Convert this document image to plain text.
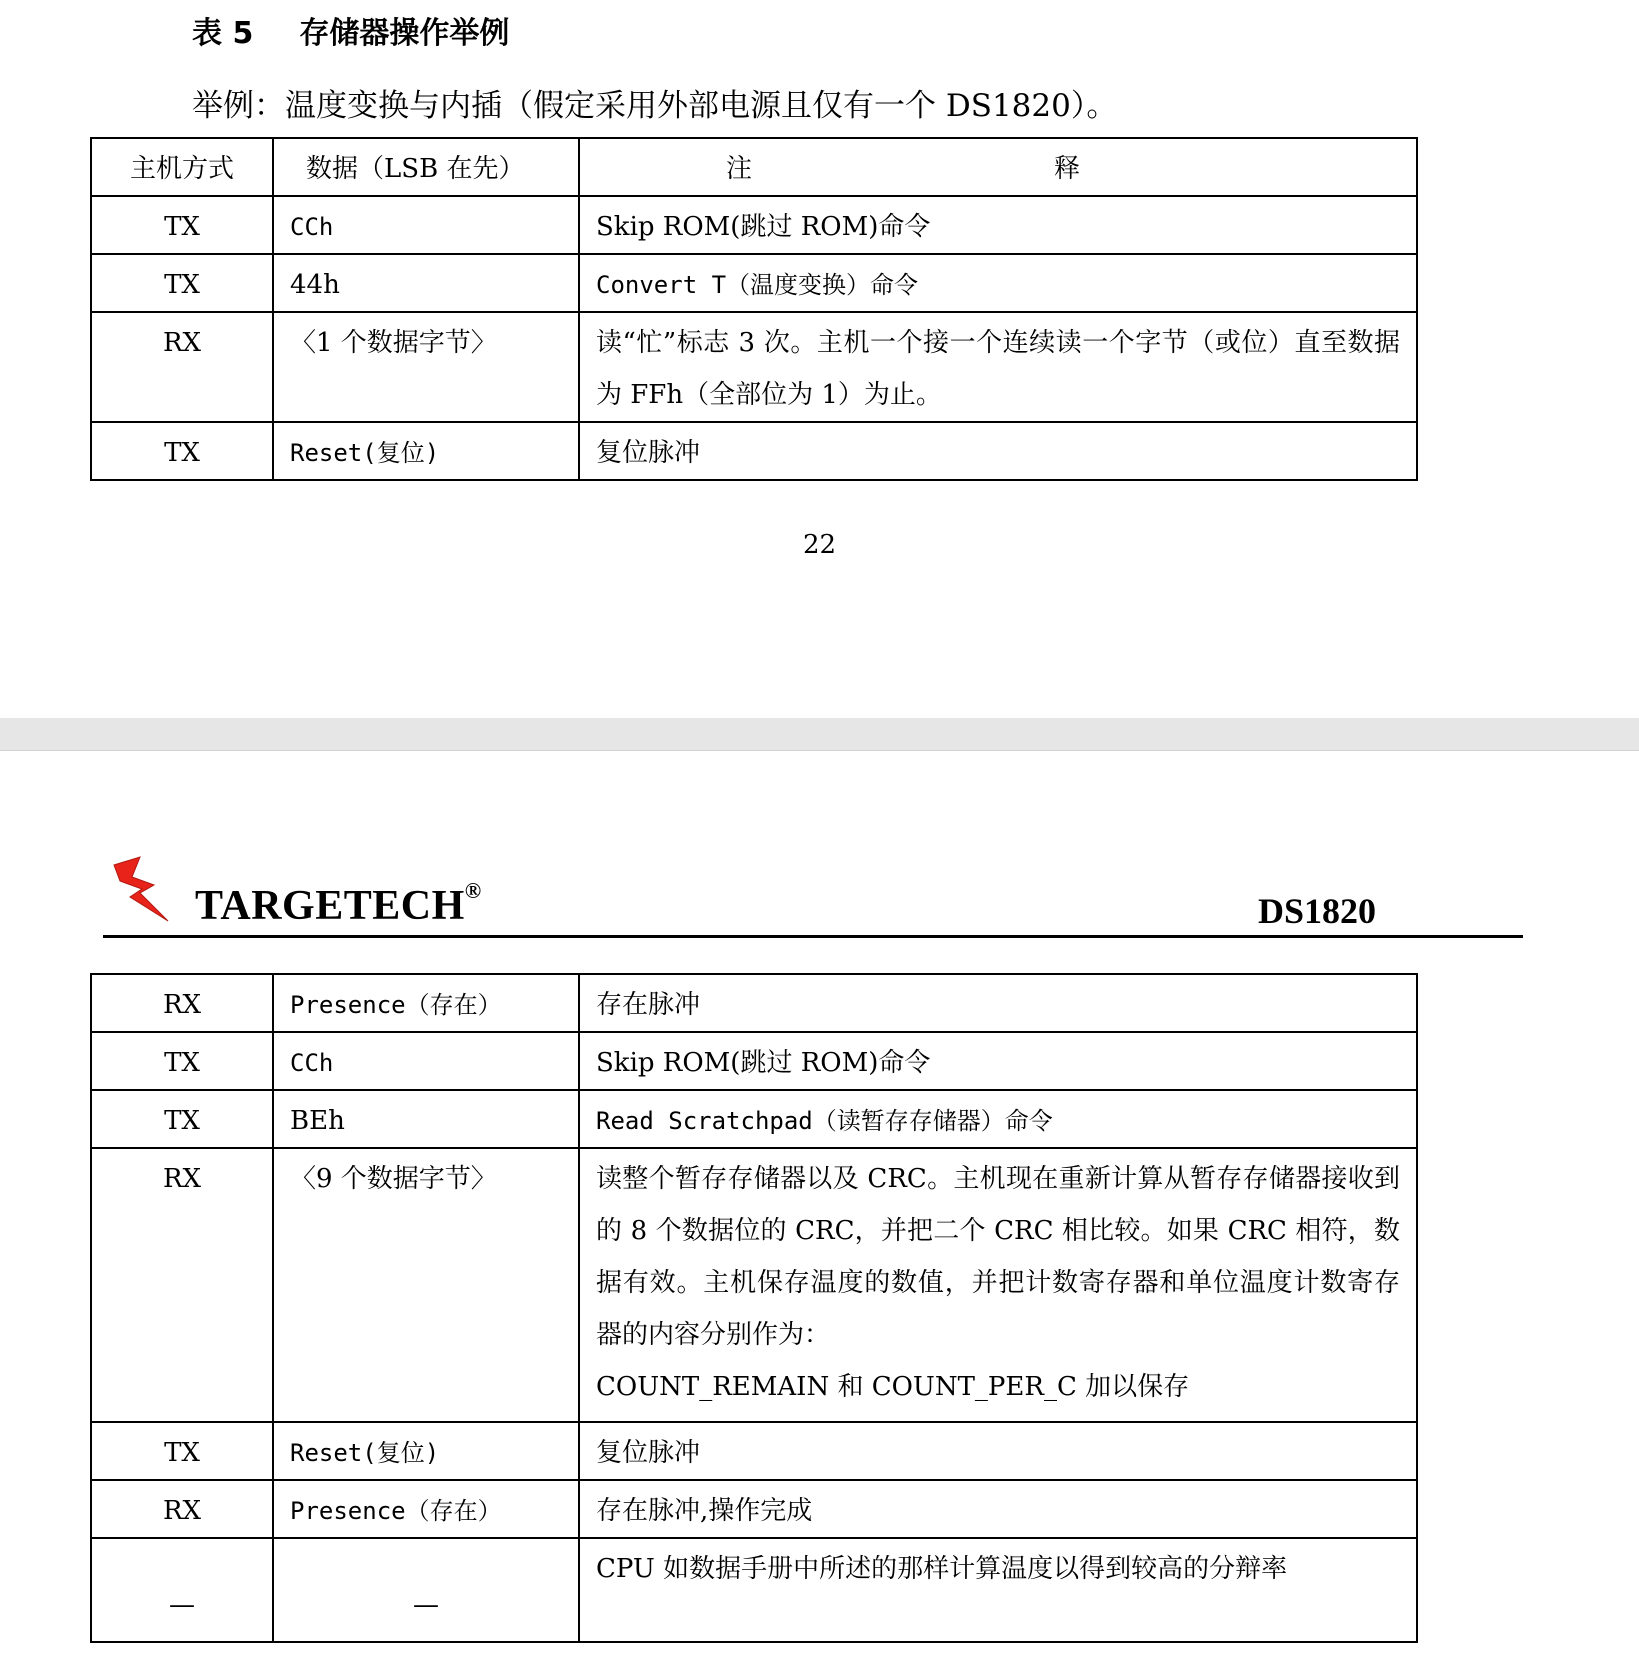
表 5 存储器操作举例
举例：温度变换与内插（假定采用外部电源且仅有一个 DS1820）。
主机方式	数据（LSB 在先）	注 释

TX	CCh	Skip ROM(跳过 ROM)命令
TX	44h	Convert T（温度变换）命令
RX	〈1 个数据字节〉	读“忙”标志 3 次。主机一个接一个连续读一个字节（或位）直至数据为 FFh（全部位为 1）为止。
TX	Reset(复位)	复位脉冲
22
TARGETECH®
DS1820
RX	Presence（存在）	存在脉冲
TX	CCh	Skip ROM(跳过 ROM)命令
TX	BEh	Read Scratchpad（读暂存存储器）命令
RX	〈9 个数据字节〉	读整个暂存存储器以及 CRC。主机现在重新计算从暂存存储器接收到的 8 个数据位的 CRC，并把二个 CRC 相比较。如果 CRC 相符，数据有效。主机保存温度的数值，并把计数寄存器和单位温度计数寄存器的内容分别作为：
COUNT_REMAIN 和 COUNT_PER_C 加以保存

TX	Reset(复位)	复位脉冲
RX	Presence（存在）	存在脉冲,操作完成
—	—	CPU 如数据手册中所述的那样计算温度以得到较高的分辩率
